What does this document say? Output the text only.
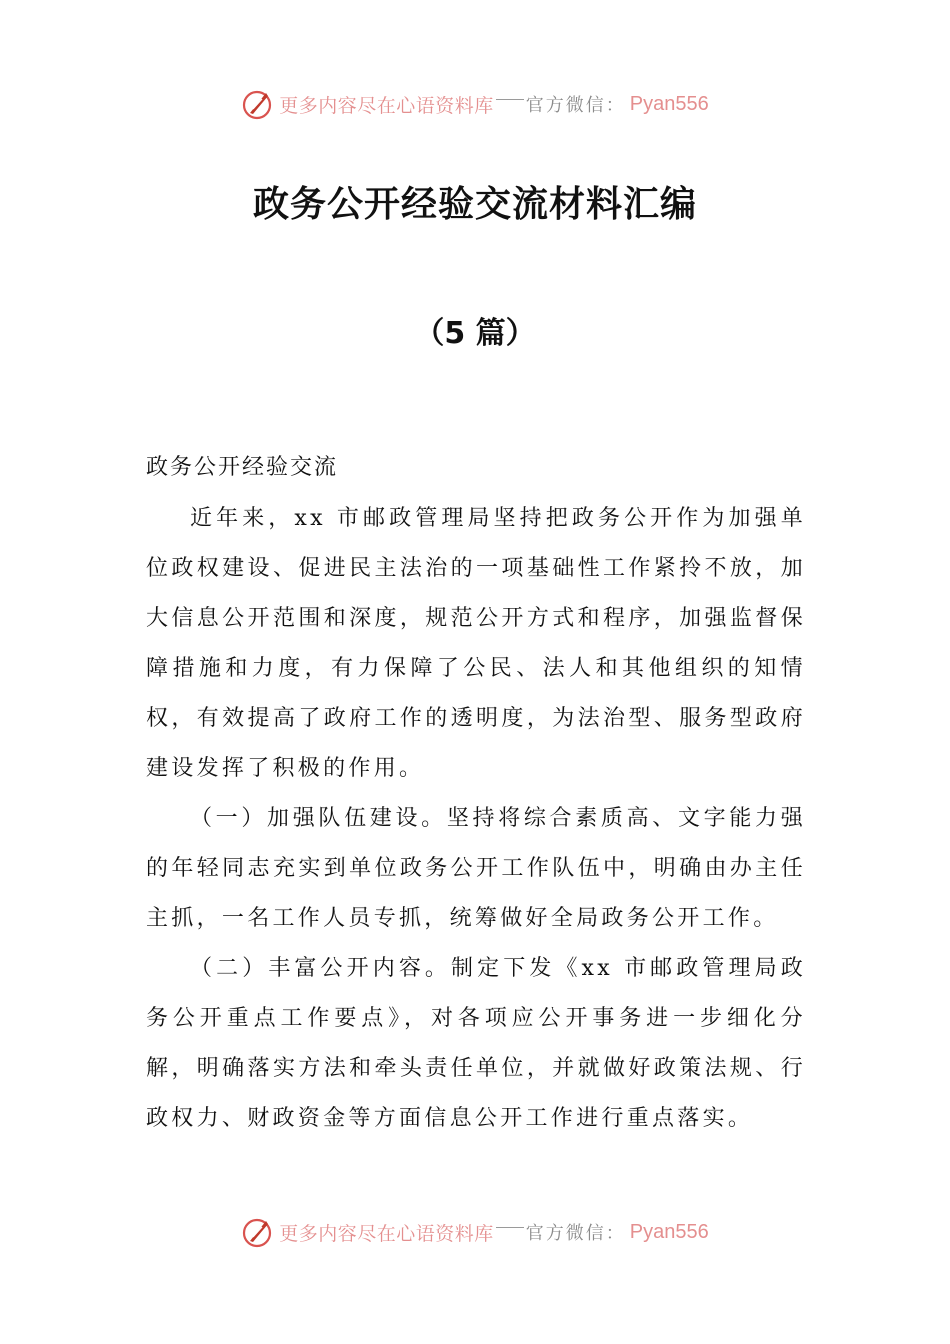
更多内容尽在心语资料库 官方微信： Pyan556
政务公开经验交流材料汇编
（5 篇）
政务公开经验交流

近年来，xx 市邮政管理局坚持把政务公开作为加强单位政权建设、促进民主法治的一项基础性工作紧拎不放，加大信息公开范围和深度，规范公开方式和程序，加强监督保障措施和力度，有力保障了公民、法人和其他组织的知情权，有效提高了政府工作的透明度，为法治型、服务型政府建设发挥了积极的作用。

（一）加强队伍建设。坚持将综合素质高、文字能力强的年轻同志充实到单位政务公开工作队伍中，明确由办主任主抓，一名工作人员专抓，统筹做好全局政务公开工作。

（二）丰富公开内容。制定下发《xx 市邮政管理局政务公开重点工作要点》，对各项应公开事务进一步细化分解，明确落实方法和牵头责任单位，并就做好政策法规、行政权力、财政资金等方面信息公开工作进行重点落实。

更多内容尽在心语资料库 官方微信： Pyan556
